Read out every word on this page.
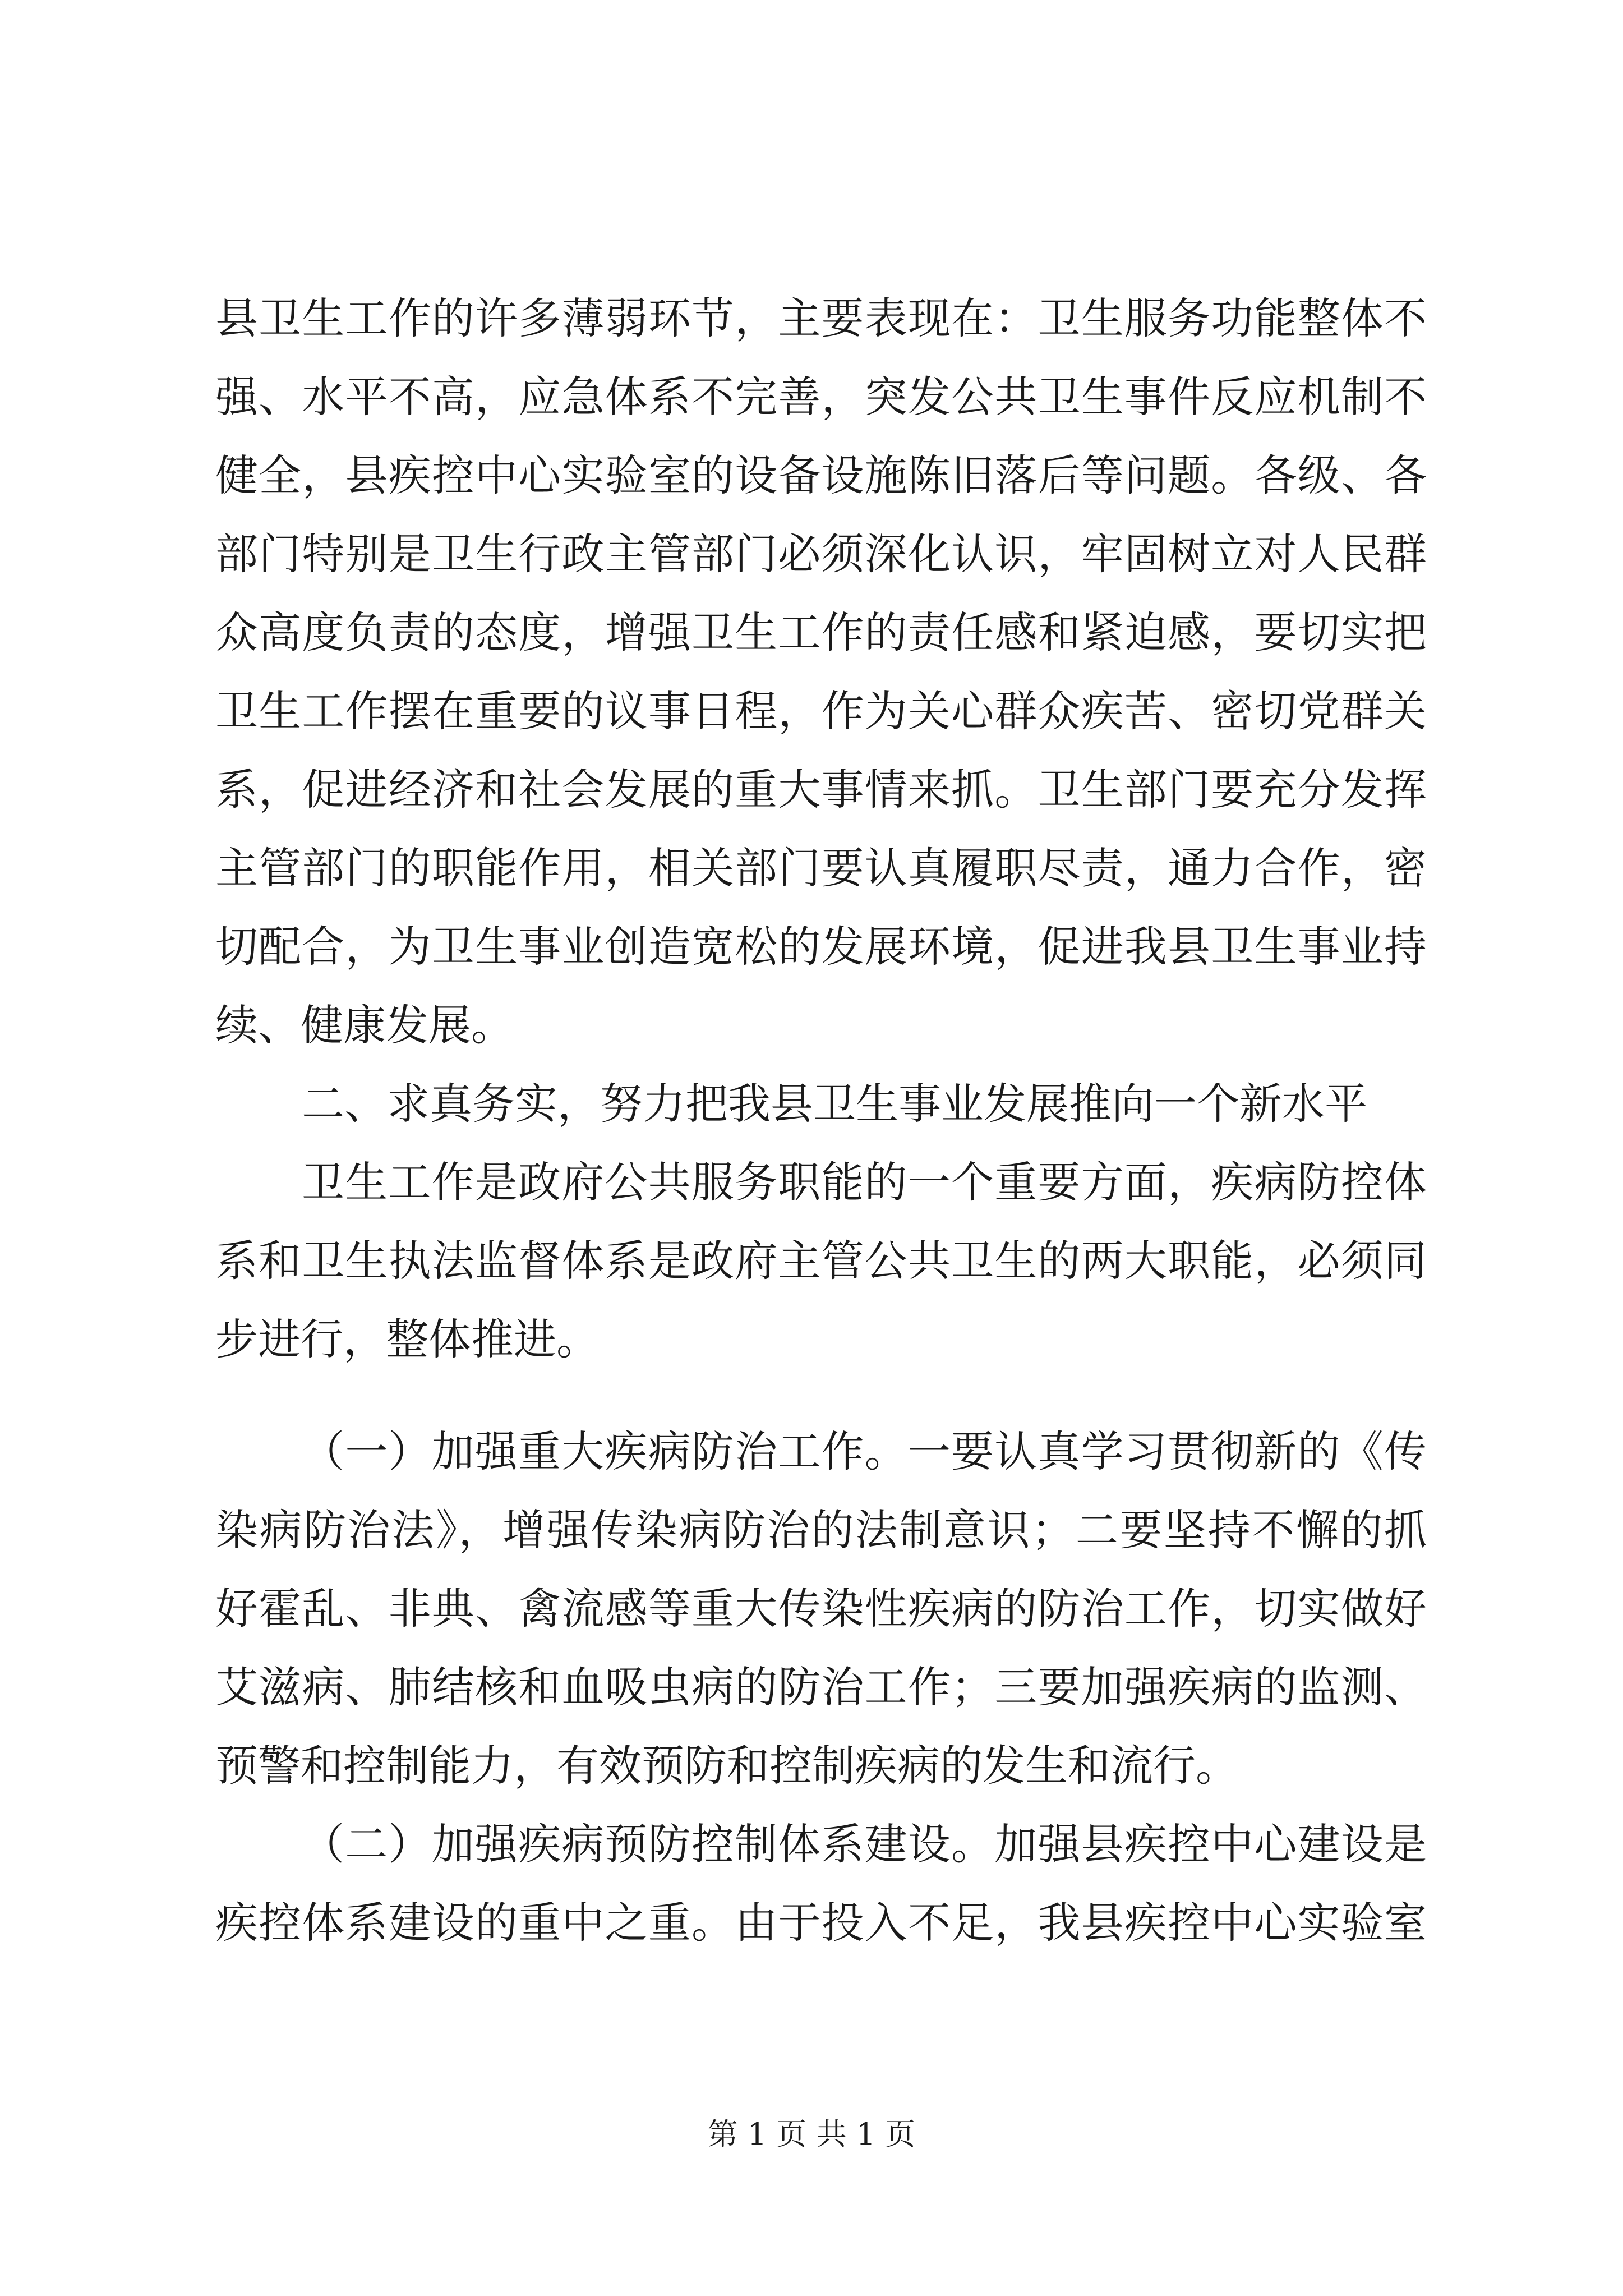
县卫生工作的许多薄弱环节，主要表现在：卫生服务功能整体不
强、水平不高，应急体系不完善，突发公共卫生事件反应机制不
健全，县疾控中心实验室的设备设施陈旧落后等问题。各级、各
部门特别是卫生行政主管部门必须深化认识，牢固树立对人民群
众高度负责的态度，增强卫生工作的责任感和紧迫感，要切实把
卫生工作摆在重要的议事日程，作为关心群众疾苦、密切党群关
系，促进经济和社会发展的重大事情来抓。卫生部门要充分发挥
主管部门的职能作用，相关部门要认真履职尽责，通力合作，密
切配合，为卫生事业创造宽松的发展环境，促进我县卫生事业持
续、健康发展。
二、求真务实，努力把我县卫生事业发展推向一个新水平
卫生工作是政府公共服务职能的一个重要方面，疾病防控体
系和卫生执法监督体系是政府主管公共卫生的两大职能，必须同
步进行，整体推进。
（一）加强重大疾病防治工作。一要认真学习贯彻新的《传
染病防治法》，增强传染病防治的法制意识；二要坚持不懈的抓
好霍乱、非典、禽流感等重大传染性疾病的防治工作，切实做好
艾滋病、肺结核和血吸虫病的防治工作；三要加强疾病的监测、
预警和控制能力，有效预防和控制疾病的发生和流行。
（二）加强疾病预防控制体系建设。加强县疾控中心建设是
疾控体系建设的重中之重。由于投入不足，我县疾控中心实验室
第 1 页 共 1 页
